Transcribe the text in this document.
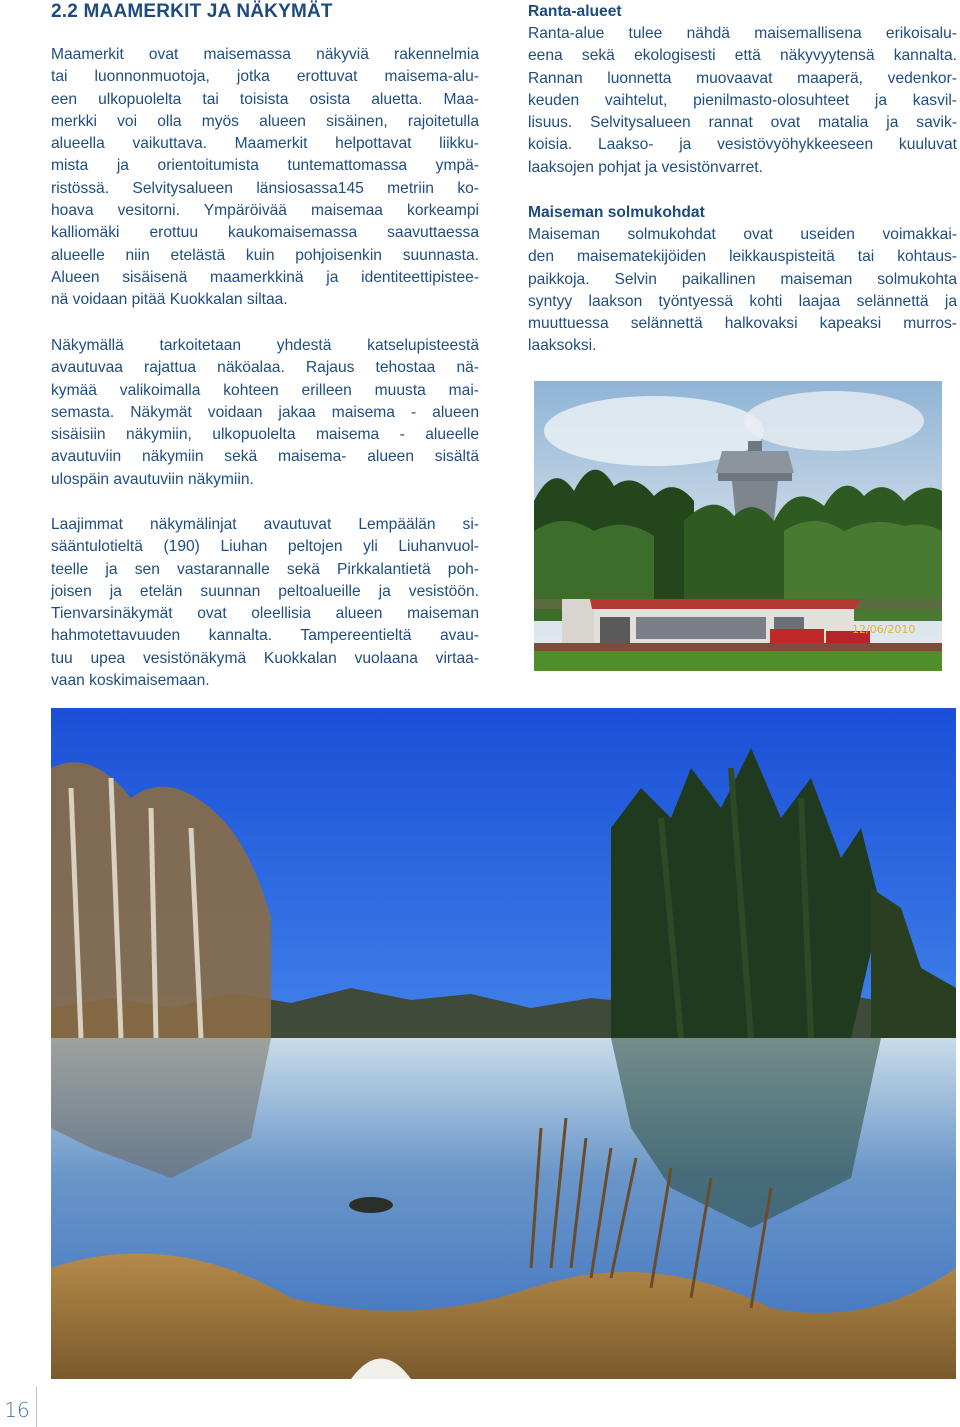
2.2 MAAMERKIT JA NÄKYMÄT

Maamerkit ovat maisemassa näkyviä rakennelmia
tai luonnonmuotoja, jotka erottuvat maisema-alu-
een ulkopuolelta tai toisista osista aluetta. Maa-
merkki voi olla myös alueen sisäinen, rajoitetulla
alueella vaikuttava. Maamerkit helpottavat liikku-
mista ja orientoitumista tuntemattomassa ympä-
ristössä. Selvitysalueen länsiosassa145 metriin ko-
hoava vesitorni. Ympäröivää maisemaa korkeampi
kalliomäki erottuu kaukomaisemassa saavuttaessa
alueelle niin etelästä kuin pohjoisenkin suunnasta.
Alueen sisäisenä maamerkkinä ja identiteettipistee-
nä voidaan pitää Kuokkalan siltaa.

Näkymällä tarkoitetaan yhdestä katselupisteestä
avautuvaa rajattua näköalaa. Rajaus tehostaa nä-
kymää valikoimalla kohteen erilleen muusta mai-
semasta. Näkymät voidaan jakaa maisema - alueen
sisäisiin näkymiin, ulkopuolelta maisema - alueelle
avautuviin näkymiin sekä maisema- alueen sisältä
ulospäin avautuviin näkymiin.

Laajimmat näkymälinjat avautuvat Lempäälän si-
sääntulotieltä (190) Liuhan peltojen yli Liuhanvuol-
teelle ja sen vastarannalle sekä Pirkkalantietä poh-
joisen ja etelän suunnan peltoalueille ja vesistöön.
Tienvarsinäkymät ovat oleellisia alueen maiseman
hahmotettavuuden kannalta. Tampereentieltä avau-
tuu upea vesistönäkymä Kuokkalan vuolaana virtaa-
vaan koskimaisemaan.

Ranta-alueet

Ranta-alue tulee nähdä maisemallisena erikoisalu-
eena sekä ekologisesti että näkyvyytensä kannalta.
Rannan luonnetta muovaavat maaperä, vedenkor-
keuden vaihtelut, pienilmasto-olosuhteet ja kasvil-
lisuus. Selvitysalueen rannat ovat matalia ja savik-
koisia. Laakso- ja vesistövyöhykkeeseen kuuluvat
laaksojen pohjat ja vesistönvarret.

Maiseman solmukohdat

Maiseman solmukohdat ovat useiden voimakkai-
den maisematekijöiden leikkauspisteitä tai kohtaus-
paikkoja. Selvin paikallinen maiseman solmukohta
syntyy laakson työntyessä kohti laajaa selännettä ja
muuttuessa selännettä halkovaksi kapeaksi murros-
laaksoksi.

12/06/2010
16
